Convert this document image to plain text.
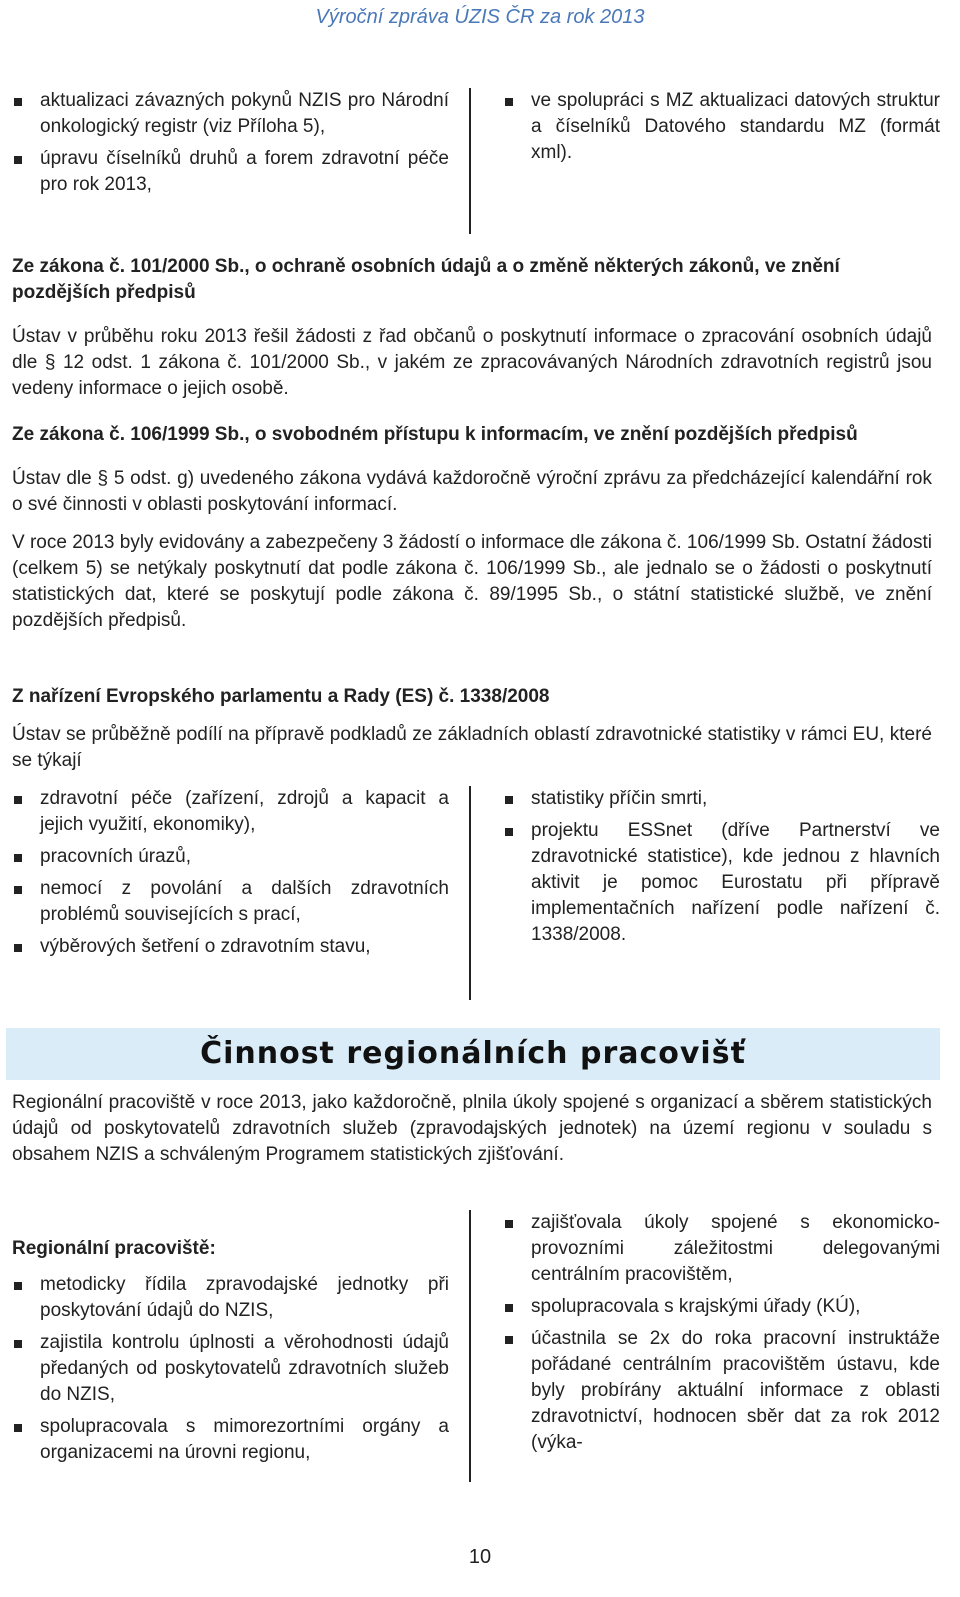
Výroční zpráva ÚZIS ČR za rok 2013
aktualizaci závazných pokynů NZIS pro Národní onkologický registr (viz Příloha 5),
úpravu číselníků druhů a forem zdravotní péče pro rok 2013,
ve spolupráci s MZ aktualizaci datových struktur a číselníků Datového standardu MZ (formát xml).

Ze zákona č. 101/2000 Sb., o ochraně osobních údajů a o změně některých zákonů, ve znění pozdějších předpisů

Ústav v průběhu roku 2013 řešil žádosti z řad občanů o poskytnutí informace o zpracování osobních údajů dle § 12 odst. 1 zákona č. 101/2000 Sb., v jakém ze zpracovávaných Národních zdravotních registrů jsou vedeny informace o jejich osobě.

Ze zákona č. 106/1999 Sb., o svobodném přístupu k informacím, ve znění pozdějších předpisů

Ústav dle § 5 odst. g) uvedeného zákona vydává každoročně výroční zprávu za předcházející kalendářní rok o své činnosti v oblasti poskytování informací.

V roce 2013 byly evidovány a zabezpečeny 3 žádostí o informace dle zákona č. 106/1999 Sb. Ostatní žádosti (celkem 5) se netýkaly poskytnutí dat podle zákona č. 106/1999 Sb., ale jednalo se o žádosti o poskytnutí statistických dat, které se poskytují podle zákona č. 89/1995 Sb., o státní statistické službě, ve znění pozdějších předpisů.

Z nařízení Evropského parlamentu a Rady (ES) č. 1338/2008

Ústav se průběžně podílí na přípravě podkladů ze základních oblastí zdravotnické statistiky v rámci EU, které se týkají

zdravotní péče (zařízení, zdrojů a kapacit a jejich využití, ekonomiky),
pracovních úrazů,
nemocí z povolání a dalších zdravotních problémů souvisejících s prací,
výběrových šetření o zdravotním stavu,
statistiky příčin smrti,
projektu ESSnet (dříve Partnerství ve zdravotnické statistice), kde jednou z hlavních aktivit je pomoc Eurostatu při přípravě implementačních nařízení podle nařízení č. 1338/2008.
Činnost regionálních pracovišť

Regionální pracoviště v roce 2013, jako každoročně, plnila úkoly spojené s organizací a sběrem statistických údajů od poskytovatelů zdravotních služeb (zpravodajských jednotek) na území regionu v souladu s obsahem NZIS a schváleným Programem statistických zjišťování.

Regionální pracoviště:

metodicky řídila zpravodajské jednotky při poskytování údajů do NZIS,
zajistila kontrolu úplnosti a věrohodnosti údajů předaných od poskytovatelů zdravotních služeb do NZIS,
spolupracovala s mimorezortními orgány a organizacemi na úrovni regionu,
zajišťovala úkoly spojené s ekonomicko-provozními záležitostmi delegovanými centrálním pracovištěm,
spolupracovala s krajskými úřady (KÚ),
účastnila se 2x do roka pracovní instruktáže pořádané centrálním pracovištěm ústavu, kde byly probírány aktuální informace z oblasti zdravotnictví, hodnocen sběr dat za rok 2012 (výka-
10
